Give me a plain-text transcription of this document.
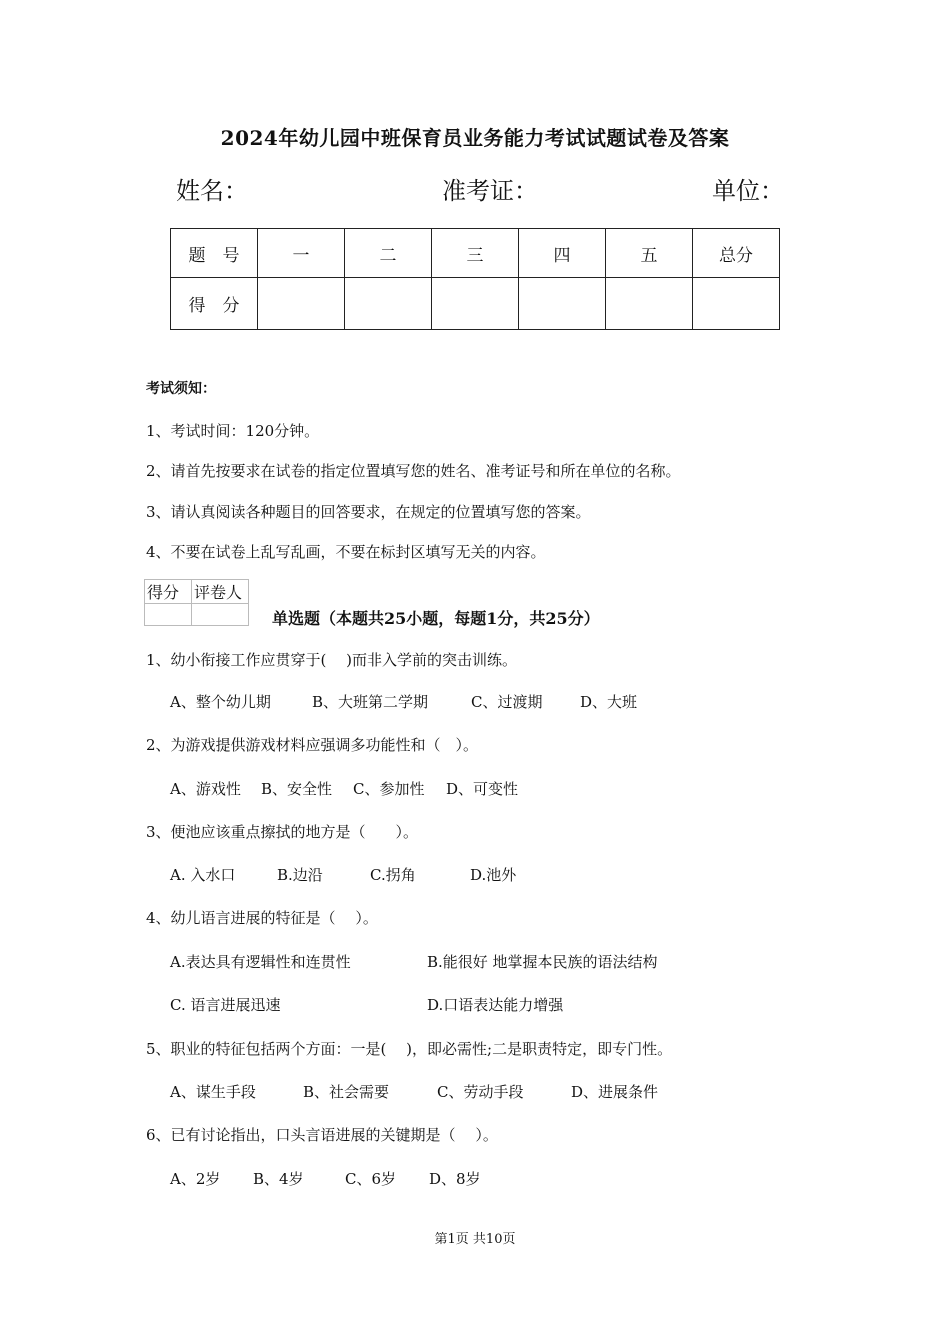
2024年幼儿园中班保育员业务能力考试试题试卷及答案
姓名：	准考证：	单位：
题　号	一	二	三	四	五	总分
得　分						
考试须知：
1、考试时间：120分钟。
2、请首先按要求在试卷的指定位置填写您的姓名、准考证号和所在单位的名称。
3、请认真阅读各种题目的回答要求，在规定的位置填写您的答案。
4、不要在试卷上乱写乱画，不要在标封区填写无关的内容。
得分	评卷人

单选题（本题共25小题，每题1分，共25分）
1、幼小衔接工作应贯穿于(　 )而非入学前的突击训练。
A、整个幼儿期	B、大班第二学期	C、过渡期	D、大班
2、为游戏提供游戏材料应强调多功能性和（　）。
A、游戏性 B、安全性 C、参加性 D、可变性
3、便池应该重点擦拭的地方是（　　）。
A. 入水口	B.边沿	C.拐角	D.池外
4、幼儿语言进展的特征是（　 ）。
A.表达具有逻辑性和连贯性	B.能很好 地掌握本民族的语法结构
C. 语言进展迅速	D.口语表达能力增强
5、职业的特征包括两个方面：一是(　 )，即必需性;二是职责特定，即专门性。
A、谋生手段	B、社会需要	C、劳动手段	D、进展条件
6、已有讨论指出，口头言语进展的关键期是（　 ）。
A、2岁 B、4岁	C、6岁 D、8岁
第1页 共10页
